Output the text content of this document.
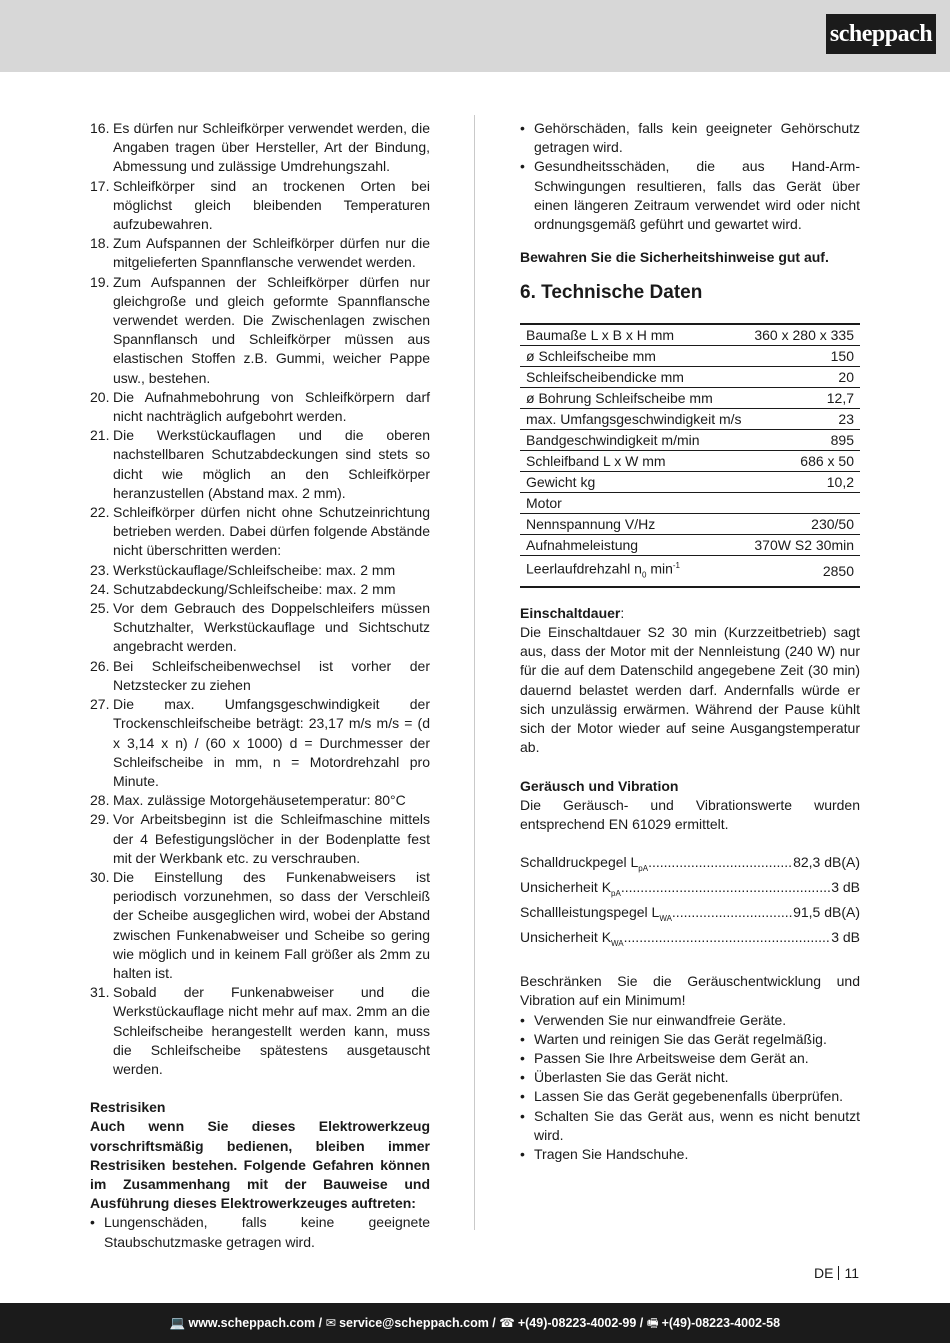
scheppach
16. Es dürfen nur Schleifkörper verwendet werden, die Angaben tragen über Hersteller, Art der Bindung, Abmessung und zulässige Umdrehungszahl.
17. Schleifkörper sind an trockenen Orten bei möglichst gleich bleibenden Temperaturen aufzubewahren.
18. Zum Aufspannen der Schleifkörper dürfen nur die mitgelieferten Spannflansche verwendet werden.
19. Zum Aufspannen der Schleifkörper dürfen nur gleichgroße und gleich geformte Spannflansche verwendet werden. Die Zwischenlagen zwischen Spannflansch und Schleifkörper müssen aus elastischen Stoffen z.B. Gummi, weicher Pappe usw., bestehen.
20. Die Aufnahmebohrung von Schleifkörpern darf nicht nachträglich aufgebohrt werden.
21. Die Werkstückauflagen und die oberen nachstellbaren Schutzabdeckungen sind stets so dicht wie möglich an den Schleifkörper heranzustellen (Abstand max. 2 mm).
22. Schleifkörper dürfen nicht ohne Schutzeinrichtung betrieben werden. Dabei dürfen folgende Abstände nicht überschritten werden:
23. Werkstückauflage/Schleifscheibe: max. 2 mm
24. Schutzabdeckung/Schleifscheibe: max. 2 mm
25. Vor dem Gebrauch des Doppelschleifers müssen Schutzhalter, Werkstückauflage und Sichtschutz angebracht werden.
26. Bei Schleifscheibenwechsel ist vorher der Netzstecker zu ziehen
27. Die max. Umfangsgeschwindigkeit der Trockenschleifscheibe beträgt: 23,17 m/s m/s = (d x 3,14 x n) / (60 x 1000) d = Durchmesser der Schleifscheibe in mm, n = Motordrehzahl pro Minute.
28. Max. zulässige Motorgehäusetemperatur: 80°C
29. Vor Arbeitsbeginn ist die Schleifmaschine mittels der 4 Befestigungslöcher in der Bodenplatte fest mit der Werkbank etc. zu verschrauben.
30. Die Einstellung des Funkenabweisers ist periodisch vorzunehmen, so dass der Verschleiß der Scheibe ausgeglichen wird, wobei der Abstand zwischen Funkenabweiser und Scheibe so gering wie möglich und in keinem Fall größer als 2mm zu halten ist.
31. Sobald der Funkenabweiser und die Werkstückauflage nicht mehr auf max. 2mm an die Schleifscheibe herangestellt werden kann, muss die Schleifscheibe spätestens ausgetauscht werden.
Restrisiken
Auch wenn Sie dieses Elektrowerkzeug vorschriftsmäßig bedienen, bleiben immer Restrisiken bestehen. Folgende Gefahren können im Zusammenhang mit der Bauweise und Ausführung dieses Elektrowerkzeuges auftreten:
• Lungenschäden, falls keine geeignete Staubschutzmaske getragen wird.
• Gehörschäden, falls kein geeigneter Gehörschutz getragen wird.
• Gesundheitsschäden, die aus Hand-Arm-Schwingungen resultieren, falls das Gerät über einen längeren Zeitraum verwendet wird oder nicht ordnungsgemäß geführt und gewartet wird.
Bewahren Sie die Sicherheitshinweise gut auf.
6. Technische Daten
Baumaße L x B x H mm	360 x 280 x 335
ø Schleifscheibe mm	150
Schleifscheibendicke mm	20
ø Bohrung Schleifscheibe mm	12,7
max. Umfangsgeschwindigkeit m/s	23
Bandgeschwindigkeit m/min	895
Schleifband L x W mm	686 x 50
Gewicht kg	10,2
Motor	
Nennspannung V/Hz	230/50
Aufnahmeleistung	370W S2 30min
Leerlaufdrehzahl $n_0$ $\min^{-1}$	2850
Einschaltdauer:
Die Einschaltdauer S2 30 min (Kurzzeitbetrieb) sagt aus, dass der Motor mit der Nennleistung (240 W) nur für die auf dem Datenschild angegebene Zeit (30 min) dauernd belastet werden darf. Andernfalls würde er sich unzulässig erwärmen. Während der Pause kühlt sich der Motor wieder auf seine Ausgangstemperatur ab.
Geräusch und Vibration
Die Geräusch- und Vibrationswerte wurden entsprechend EN 61029 ermittelt.
Schalldruckpegel $L_{pA}$ .....	82,3 dB(A)
Unsicherheit $K_{pA}$ .....	3 dB
Schallleistungspegel $L_{WA}$ .....	91,5 dB(A)
Unsicherheit $K_{WA}$ .....	3 dB
Beschränken Sie die Geräuschentwicklung und Vibration auf ein Minimum!
• Verwenden Sie nur einwandfreie Geräte.
• Warten und reinigen Sie das Gerät regelmäßig.
• Passen Sie Ihre Arbeitsweise dem Gerät an.
• Überlasten Sie das Gerät nicht.
• Lassen Sie das Gerät gegebenenfalls überprüfen.
• Schalten Sie das Gerät aus, wenn es nicht benutzt wird.
• Tragen Sie Handschuhe.
DE 11
💻 www.scheppach.com / ✉ service@scheppach.com / ☎ +(49)-08223-4002-99 / 🖷 +(49)-08223-4002-58
